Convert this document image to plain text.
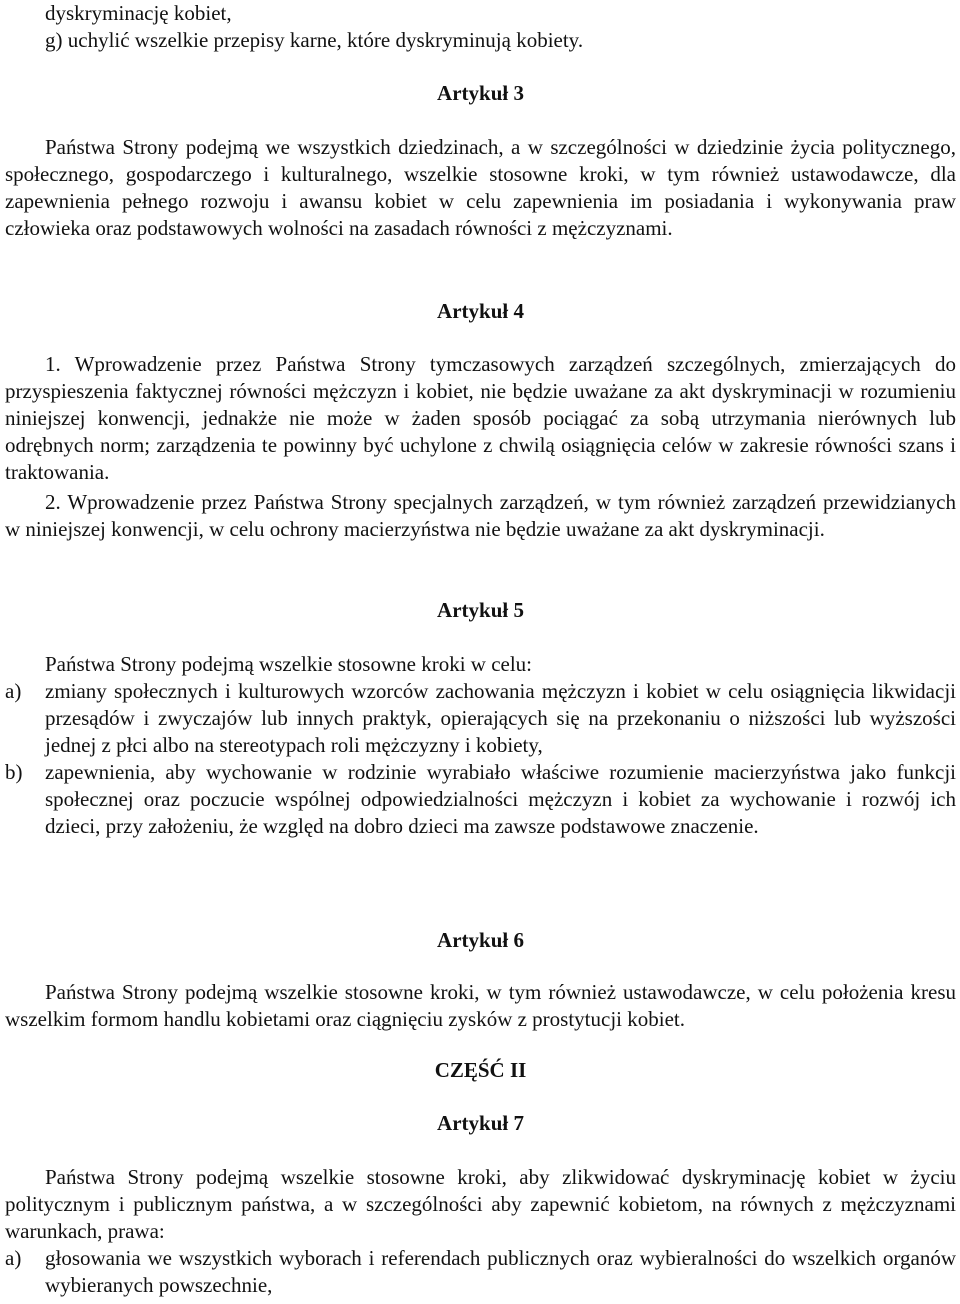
dyskryminację kobiet,

g) uchylić wszelkie przepisy karne, które dyskryminują kobiety.

Artykuł 3

Państwa Strony podejmą we wszystkich dziedzinach, a w szczególności w dziedzinie życia politycznego, społecznego, gospodarczego i kulturalnego, wszelkie stosowne kroki, w tym również ustawodawcze, dla zapewnienia pełnego rozwoju i awansu kobiet w celu zapewnienia im posiadania i wykonywania praw człowieka oraz podstawowych wolności na zasadach równości z mężczyznami.

Artykuł 4

1. Wprowadzenie przez Państwa Strony tymczasowych zarządzeń szczególnych, zmierzających do przyspieszenia faktycznej równości mężczyzn i kobiet, nie będzie uważane za akt dyskryminacji w rozumieniu niniejszej konwencji, jednakże nie może w żaden sposób pociągać za sobą utrzymania nierównych lub odrębnych norm; zarządzenia te powinny być uchylone z chwilą osiągnięcia celów w zakresie równości szans i traktowania.

2. Wprowadzenie przez Państwa Strony specjalnych zarządzeń, w tym również zarządzeń przewidzianych w niniejszej konwencji, w celu ochrony macierzyństwa nie będzie uważane za akt dyskryminacji.

Artykuł 5

Państwa Strony podejmą wszelkie stosowne kroki w celu:

a)	zmiany społecznych i kulturowych wzorców zachowania mężczyzn i kobiet w celu osiągnięcia likwidacji przesądów i zwyczajów lub innych praktyk, opierających się na przekonaniu o niższości lub wyższości jednej z płci albo na stereotypach roli mężczyzny i kobiety,
b)	zapewnienia, aby wychowanie w rodzinie wyrabiało właściwe rozumienie macierzyństwa jako funkcji społecznej oraz poczucie wspólnej odpowiedzialności mężczyzn i kobiet za wychowanie i rozwój ich dzieci, przy założeniu, że względ na dobro dzieci ma zawsze podstawowe znaczenie.
Artykuł 6

Państwa Strony podejmą wszelkie stosowne kroki, w tym również ustawodawcze, w celu położenia kresu wszelkim formom handlu kobietami oraz ciągnięciu zysków z prostytucji kobiet.

CZĘŚĆ II
Artykuł 7

Państwa Strony podejmą wszelkie stosowne kroki, aby zlikwidować dyskryminację kobiet w życiu politycznym i publicznym państwa, a w szczególności aby zapewnić kobietom, na równych z mężczyznami warunkach, prawa:

a)	głosowania we wszystkich wyborach i referendach publicznych oraz wybieralności do wszelkich organów wybieranych powszechnie,
